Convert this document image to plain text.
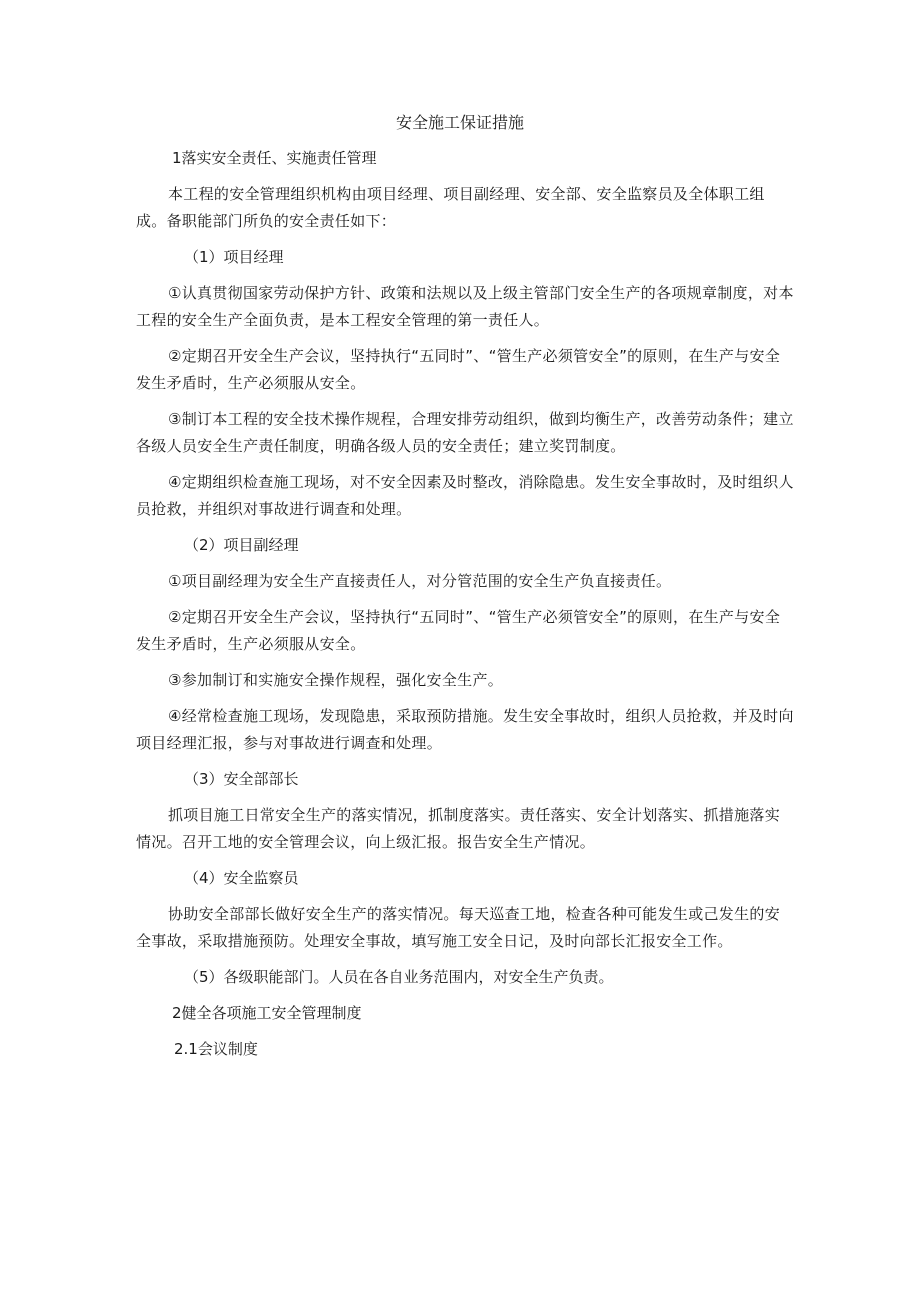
安全施工保证措施
1落实安全责任、实施责任管理
本工程的安全管理组织机构由项目经理、项目副经理、安全部、安全监察员及全体职工组成。备职能部门所负的安全责任如下：
（1）项目经理
①认真贯彻国家劳动保护方针、政策和法规以及上级主管部门安全生产的各项规章制度，对本工程的安全生产全面负责，是本工程安全管理的第一责任人。
②定期召开安全生产会议，坚持执行“五同时”、“管生产必须管安全”的原则，在生产与安全发生矛盾时，生产必须服从安全。
③制订本工程的安全技术操作规程，合理安排劳动组织，做到均衡生产，改善劳动条件；建立各级人员安全生产责任制度，明确各级人员的安全责任；建立奖罚制度。
④定期组织检查施工现场，对不安全因素及时整改，消除隐患。发生安全事故时，及时组织人员抢救，并组织对事故进行调查和处理。
（2）项目副经理
①项目副经理为安全生产直接责任人，对分管范围的安全生产负直接责任。
②定期召开安全生产会议，坚持执行“五同时”、“管生产必须管安全”的原则，在生产与安全发生矛盾时，生产必须服从安全。
③参加制订和实施安全操作规程，强化安全生产。
④经常检查施工现场，发现隐患，采取预防措施。发生安全事故时，组织人员抢救，并及时向项目经理汇报，参与对事故进行调查和处理。
（3）安全部部长
抓项目施工日常安全生产的落实情况，抓制度落实。责任落实、安全计划落实、抓措施落实情况。召开工地的安全管理会议，向上级汇报。报告安全生产情况。
（4）安全监察员
协助安全部部长做好安全生产的落实情况。每天巡查工地，检查各种可能发生或己发生的安全事故，采取措施预防。处理安全事故，填写施工安全日记，及时向部长汇报安全工作。
（5）各级职能部门。人员在各自业务范围内，对安全生产负责。
2健全各项施工安全管理制度
2.1会议制度
